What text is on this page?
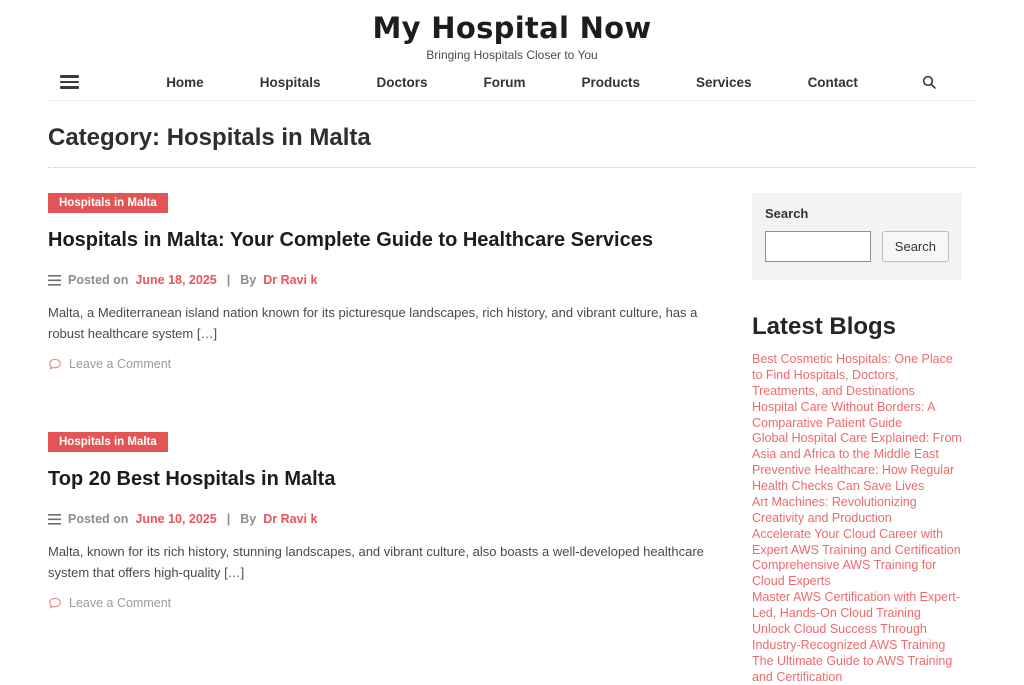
My Hospital Now
Bringing Hospitals Closer to You
Home	Hospitals	Doctors	Forum	Products	Services	Contact
Category: Hospitals in Malta
Hospitals in Malta
Hospitals in Malta: Your Complete Guide to Healthcare Services
Posted on June 18, 2025 | By Dr Ravi k

Malta, a Mediterranean island nation known for its picturesque landscapes, rich history, and vibrant culture, has a robust healthcare system […]

Leave a Comment
Hospitals in Malta
Top 20 Best Hospitals in Malta
Posted on June 10, 2025 | By Dr Ravi k

Malta, known for its rich history, stunning landscapes, and vibrant culture, also boasts a well-developed healthcare system that offers high-quality […]

Leave a Comment
Search
Search
Latest Blogs
Best Cosmetic Hospitals: One Place to Find Hospitals, Doctors, Treatments, and Destinations
Hospital Care Without Borders: A Comparative Patient Guide
Global Hospital Care Explained: From Asia and Africa to the Middle East
Preventive Healthcare: How Regular Health Checks Can Save Lives
Art Machines: Revolutionizing Creativity and Production
Accelerate Your Cloud Career with Expert AWS Training and Certification
Comprehensive AWS Training for Cloud Experts
Master AWS Certification with Expert-Led, Hands-On Cloud Training
Unlock Cloud Success Through Industry-Recognized AWS Training
The Ultimate Guide to AWS Training and Certification
